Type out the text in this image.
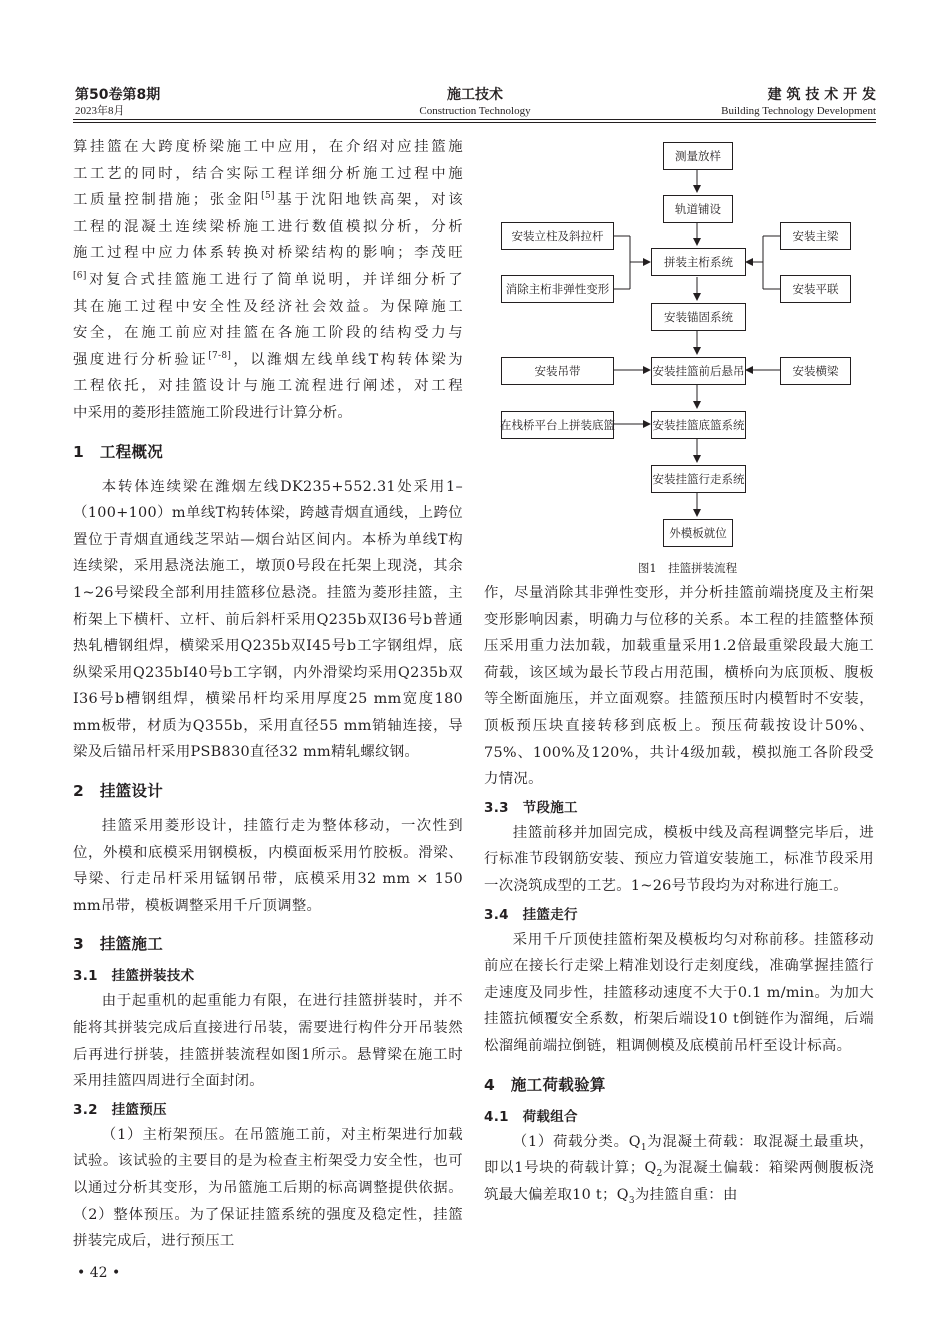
第50卷第8期
2023年8月
施工技术
Construction Technology
建 筑 技 术 开 发
Building Technology Development

算挂篮在大跨度桥梁施工中应用，在介绍对应挂篮施

工工艺的同时，结合实际工程详细分析施工过程中施

工质量控制措施；张金阳[5]基于沈阳地铁高架，对该

工程的混凝土连续梁桥施工进行数值模拟分析，分析

施工过程中应力体系转换对桥梁结构的影响；李茂旺

[6]对复合式挂篮施工进行了简单说明，并详细分析了

其在施工过程中安全性及经济社会效益。为保障施工

安全，在施工前应对挂篮在各施工阶段的结构受力与

强度进行分析验证[7-8]，以潍烟左线单线T构转体梁为

工程依托，对挂篮设计与施工流程进行阐述，对工程

中采用的菱形挂篮施工阶段进行计算分析。

1　工程概况

本转体连续梁在潍烟左线DK235+552.31处采用1–（100+100）m单线T构转体梁，跨越青烟直通线，上跨位置位于青烟直通线芝罘站—烟台站区间内。本桥为单线T构连续梁，采用悬浇法施工，墩顶0号段在托架上现浇，其余1~26号梁段全部利用挂篮移位悬浇。挂篮为菱形挂篮，主桁架上下横杆、立杆、前后斜杆采用Q235b双I36号b普通热轧槽钢组焊，横梁采用Q235b双I45号b工字钢组焊，底纵梁采用Q235bI40号b工字钢，内外滑梁均采用Q235b双I36号b槽钢组焊，横梁吊杆均采用厚度25 mm宽度180 mm板带，材质为Q355b，采用直径55 mm销轴连接，导梁及后锚吊杆采用PSB830直径32 mm精轧螺纹钢。

2　挂篮设计

挂篮采用菱形设计，挂篮行走为整体移动，一次性到位，外模和底模采用钢模板，内模面板采用竹胶板。滑梁、导梁、行走吊杆采用锰钢吊带，底模采用32 mm × 150 mm吊带，模板调整采用千斤顶调整。

3　挂篮施工
3.1　挂篮拼装技术

由于起重机的起重能力有限，在进行挂篮拼装时，并不能将其拼装完成后直接进行吊装，需要进行构件分开吊装然后再进行拼装，挂篮拼装流程如图1所示。悬臂梁在施工时采用挂篮四周进行全面封闭。

3.2　挂篮预压

（1）主桁架预压。在吊篮施工前，对主桁架进行加载试验。该试验的主要目的是为检查主桁架受力安全性，也可以通过分析其变形，为吊篮施工后期的标高调整提供依据。（2）整体预压。为了保证挂篮系统的强度及稳定性，挂篮拼装完成后，进行预压工

测量放样
轨道铺设
拼装主桁系统
安装锚固系统
安装挂篮前后悬吊
安装挂篮底篮系统
安装挂篮行走系统
外模板就位
安装立柱及斜拉杆
消除主桁非弹性变形
安装吊带
在栈桥平台上拼装底篮
安装主梁
安装平联
安装横梁
图1　挂篮拼装流程

作，尽量消除其非弹性变形，并分析挂篮前端挠度及主桁架变形影响因素，明确力与位移的关系。本工程的挂篮整体预压采用重力法加载，加载重量采用1.2倍最重梁段最大施工荷载，该区域为最长节段占用范围，横桥向为底顶板、腹板等全断面施压，并立面观察。挂篮预压时内模暂时不安装，顶板预压块直接转移到底板上。预压荷载按设计50%、75%、100%及120%，共计4级加载，模拟施工各阶段受力情况。

3.3　节段施工

挂篮前移并加固完成，模板中线及高程调整完毕后，进行标准节段钢筋安装、预应力管道安装施工，标准节段采用一次浇筑成型的工艺。1~26号节段均为对称进行施工。

3.4　挂篮走行

采用千斤顶使挂篮桁架及模板均匀对称前移。挂篮移动前应在接长行走梁上精准划设行走刻度线，准确掌握挂篮行走速度及同步性，挂篮移动速度不大于0.1 m/min。为加大挂篮抗倾覆安全系数，桁架后端设10 t倒链作为溜绳，后端松溜绳前端拉倒链，粗调侧模及底模前吊杆至设计标高。

4　施工荷载验算
4.1　荷载组合

（1）荷载分类。$Q_1$为混凝土荷载：取混凝土最重块，即以1号块的荷载计算；$Q_2$为混凝土偏载：箱梁两侧腹板浇筑最大偏差取10 t；$Q_3$为挂篮自重：由

• 42 •
